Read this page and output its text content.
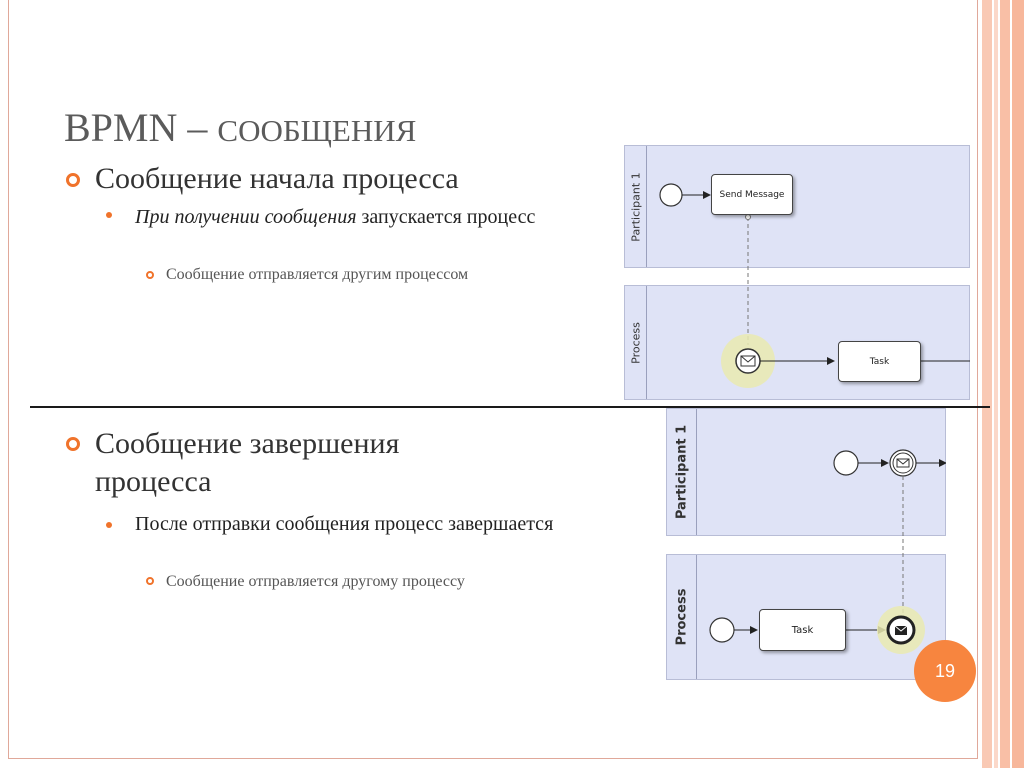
BPMN – СООБЩЕНИЯ
Сообщение начала процесса
При получении сообщения запускается процесс
Сообщение отправляется другим процессом
Сообщение завершения процесса
После отправки сообщения процесс завершается
Сообщение отправляется другому процессу
Participant 1
Process
Send Message
Task
Participant 1
Process	Task
19
